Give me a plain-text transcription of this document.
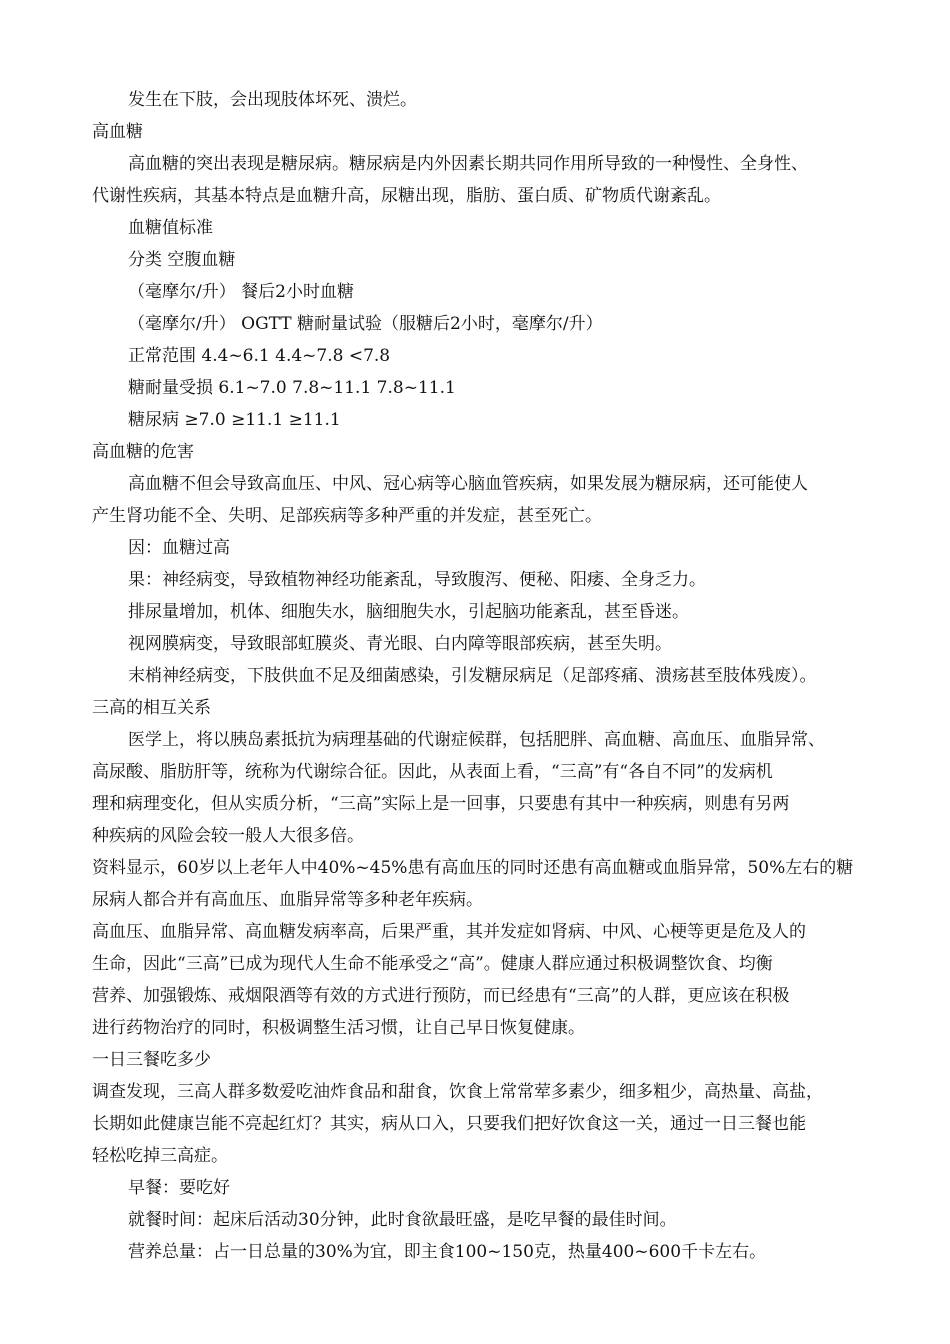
发生在下肢，会出现肢体坏死、溃烂。
高血糖
高血糖的突出表现是糖尿病。糖尿病是内外因素长期共同作用所导致的一种慢性、全身性、
代谢性疾病，其基本特点是血糖升高，尿糖出现，脂肪、蛋白质、矿物质代谢紊乱。
血糖值标准
分类 空腹血糖
（毫摩尔/升） 餐后2小时血糖
（毫摩尔/升） OGTT 糖耐量试验（服糖后2小时，毫摩尔/升）
正常范围 4.4~6.1 4.4~7.8 <7.8
糖耐量受损 6.1~7.0 7.8~11.1 7.8~11.1
糖尿病 ≥7.0 ≥11.1 ≥11.1
高血糖的危害
高血糖不但会导致高血压、中风、冠心病等心脑血管疾病，如果发展为糖尿病，还可能使人
产生肾功能不全、失明、足部疾病等多种严重的并发症，甚至死亡。
因：血糖过高
果：神经病变，导致植物神经功能紊乱，导致腹泻、便秘、阳痿、全身乏力。
排尿量增加，机体、细胞失水，脑细胞失水，引起脑功能紊乱，甚至昏迷。
视网膜病变，导致眼部虹膜炎、青光眼、白内障等眼部疾病，甚至失明。
末梢神经病变，下肢供血不足及细菌感染，引发糖尿病足（足部疼痛、溃疡甚至肢体残废）。
三高的相互关系
医学上，将以胰岛素抵抗为病理基础的代谢症候群，包括肥胖、高血糖、高血压、血脂异常、
高尿酸、脂肪肝等，统称为代谢综合征。因此，从表面上看，“三高”有“各自不同”的发病机
理和病理变化，但从实质分析，“三高”实际上是一回事，只要患有其中一种疾病，则患有另两
种疾病的风险会较一般人大很多倍。
资料显示，60岁以上老年人中40%~45%患有高血压的同时还患有高血糖或血脂异常，50%左右的糖
尿病人都合并有高血压、血脂异常等多种老年疾病。
高血压、血脂异常、高血糖发病率高，后果严重，其并发症如肾病、中风、心梗等更是危及人的
生命，因此“三高”已成为现代人生命不能承受之“高”。健康人群应通过积极调整饮食、均衡
营养、加强锻炼、戒烟限酒等有效的方式进行预防，而已经患有“三高”的人群，更应该在积极
进行药物治疗的同时，积极调整生活习惯，让自己早日恢复健康。
一日三餐吃多少
调查发现，三高人群多数爱吃油炸食品和甜食，饮食上常常荤多素少，细多粗少，高热量、高盐，
长期如此健康岂能不亮起红灯？其实，病从口入，只要我们把好饮食这一关，通过一日三餐也能
轻松吃掉三高症。
早餐：要吃好
就餐时间：起床后活动30分钟，此时食欲最旺盛，是吃早餐的最佳时间。
营养总量：占一日总量的30%为宜，即主食100~150克，热量400~600千卡左右。
